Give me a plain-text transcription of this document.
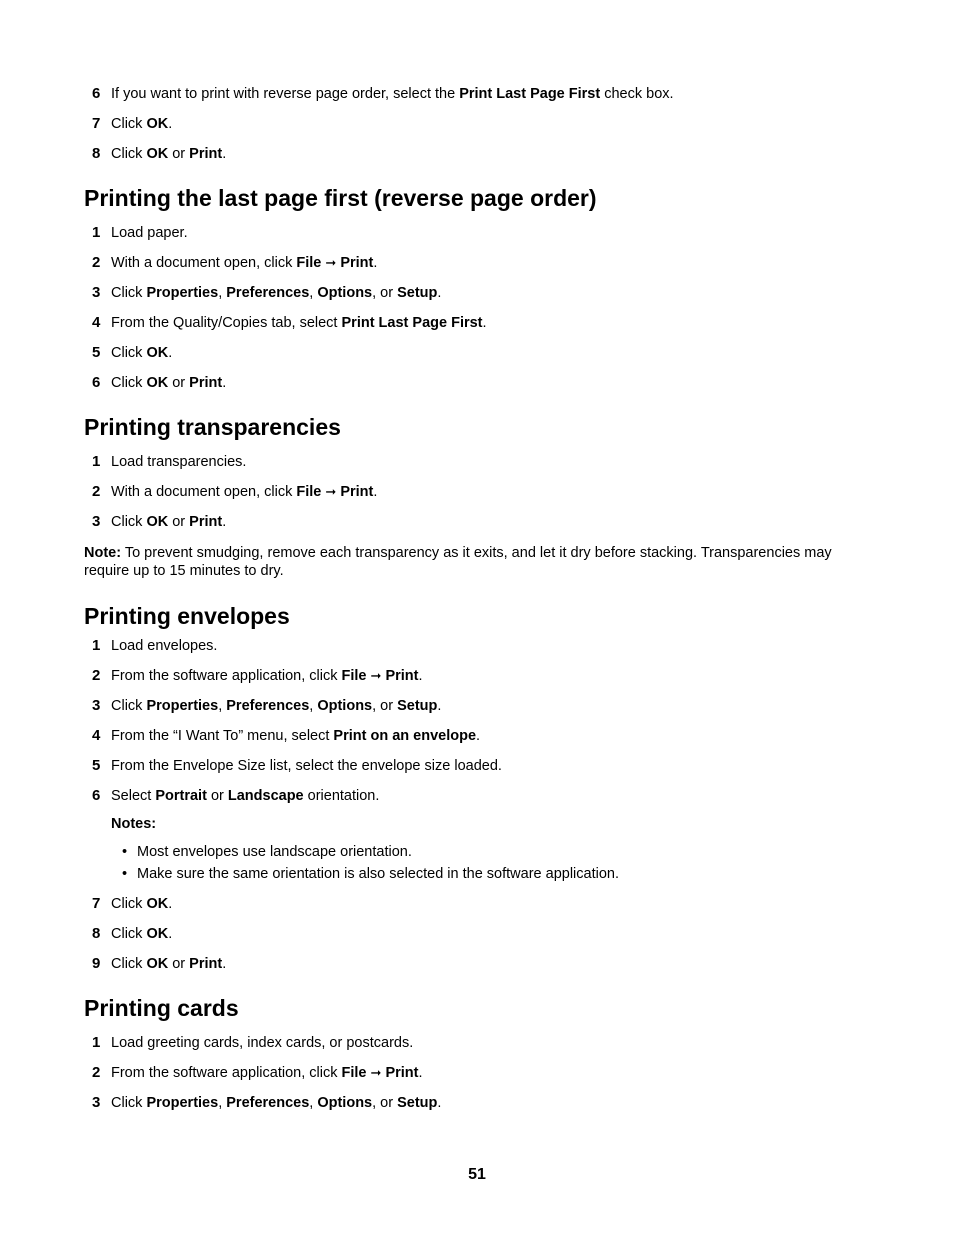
6 If you want to print with reverse page order, select the Print Last Page First check box.
7 Click OK.
8 Click OK or Print.
Printing the last page first (reverse page order)
1 Load paper.
2 With a document open, click File ➞ Print.
3 Click Properties, Preferences, Options, or Setup.
4 From the Quality/Copies tab, select Print Last Page First.
5 Click OK.
6 Click OK or Print.
Printing transparencies
1 Load transparencies.
2 With a document open, click File ➞ Print.
3 Click OK or Print.
Note: To prevent smudging, remove each transparency as it exits, and let it dry before stacking. Transparencies may require up to 15 minutes to dry.
Printing envelopes
1 Load envelopes.
2 From the software application, click File ➞ Print.
3 Click Properties, Preferences, Options, or Setup.
4 From the “I Want To” menu, select Print on an envelope.
5 From the Envelope Size list, select the envelope size loaded.
6 Select Portrait or Landscape orientation.
Notes:
• Most envelopes use landscape orientation.
• Make sure the same orientation is also selected in the software application.
7 Click OK.
8 Click OK.
9 Click OK or Print.
Printing cards
1 Load greeting cards, index cards, or postcards.
2 From the software application, click File ➞ Print.
3 Click Properties, Preferences, Options, or Setup.
51
